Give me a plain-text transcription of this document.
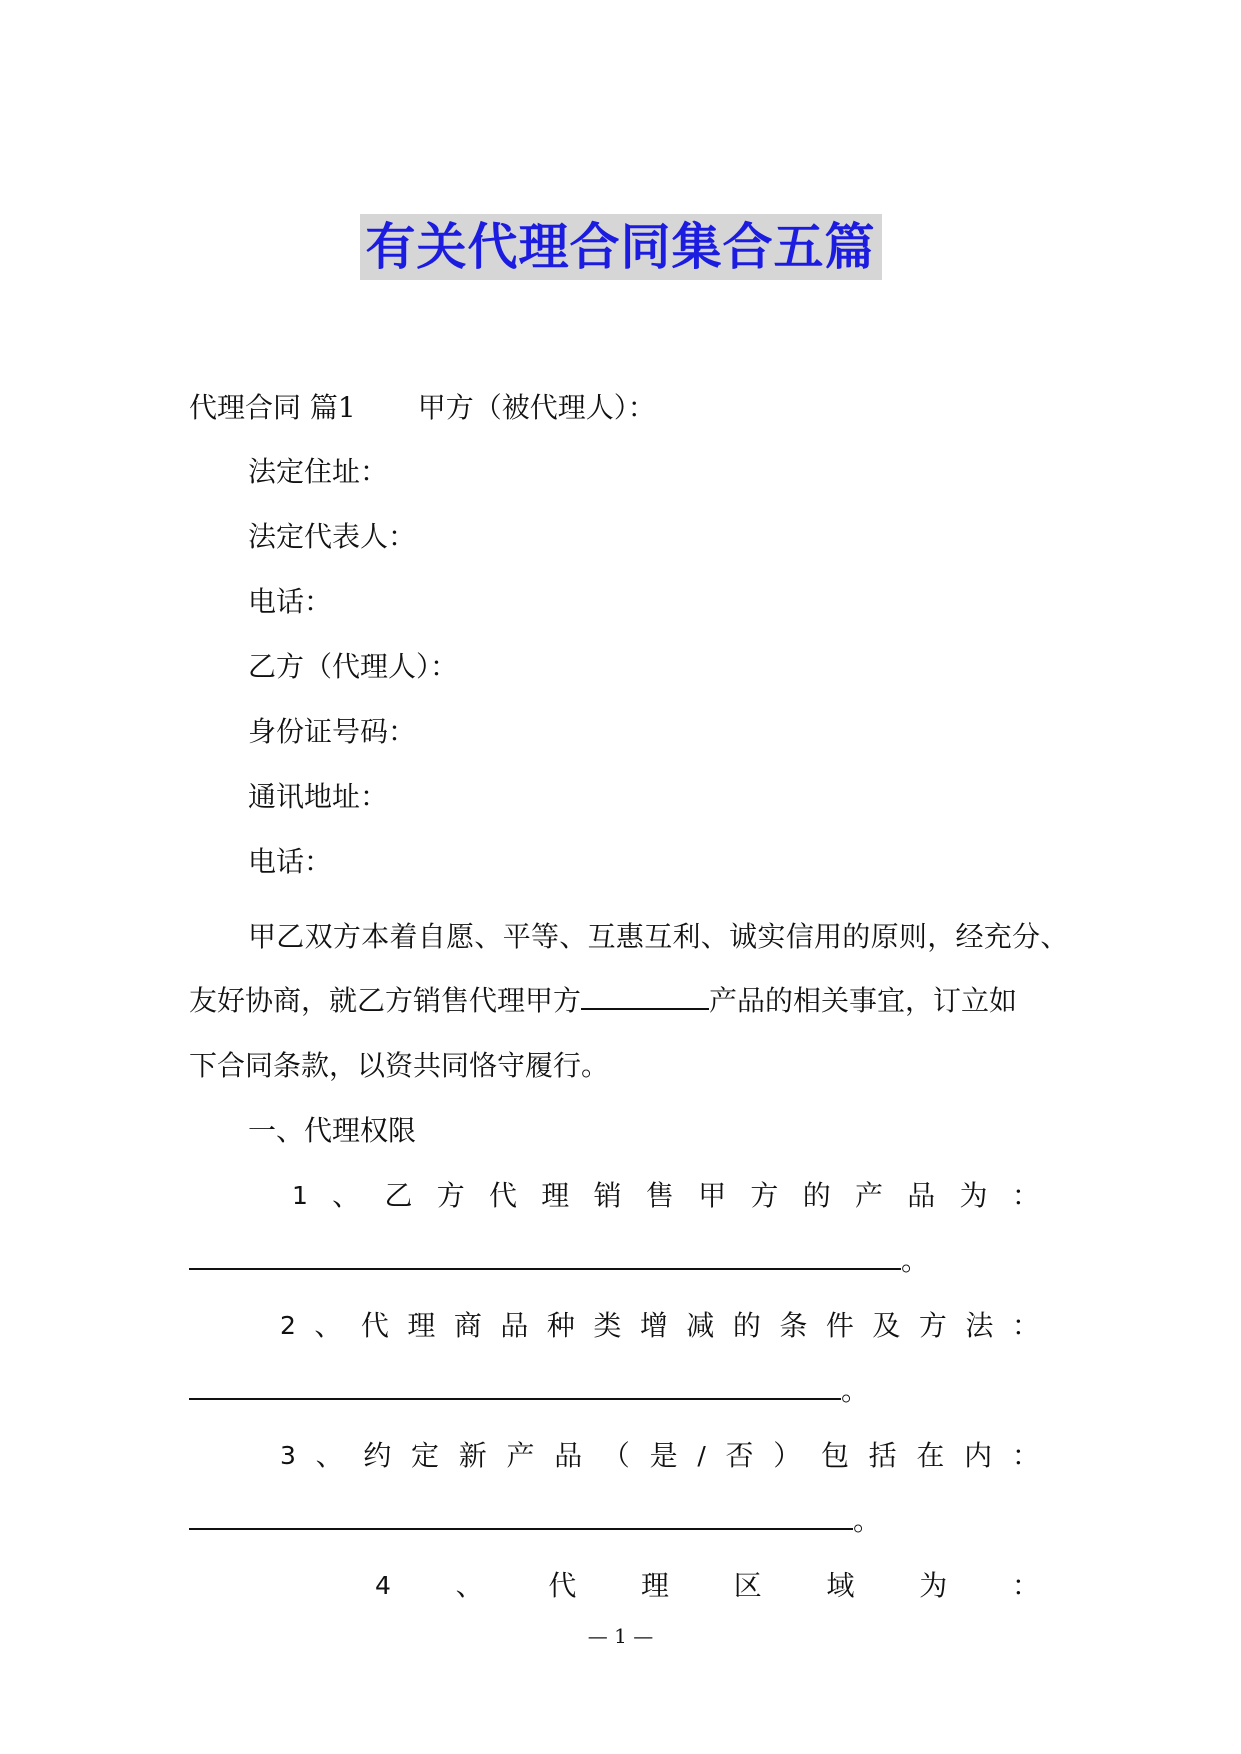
有关代理合同集合五篇
代理合同 篇1 甲方（被代理人）：
法定住址：
法定代表人：
电话：
乙方（代理人）：
身份证号码：
通讯地址：
电话：
甲乙双方本着自愿、平等、互惠互利、诚实信用的原则，经充分、
友好协商，就乙方销售代理甲方	产品的相关事宜，订立如
下合同条款，以资共同恪守履行。
一、代理权限
1 、 乙 方 代 理 销 售 甲 方 的 产 品 为 ：
。
2 、 代 理 商 品 种 类 增 减 的 条 件 及 方 法 ：
。
3 、 约 定 新 产 品 （ 是 / 否 ） 包 括 在 内 ：
。
4 、 代 理 区 域 为 ：
— 1 —
